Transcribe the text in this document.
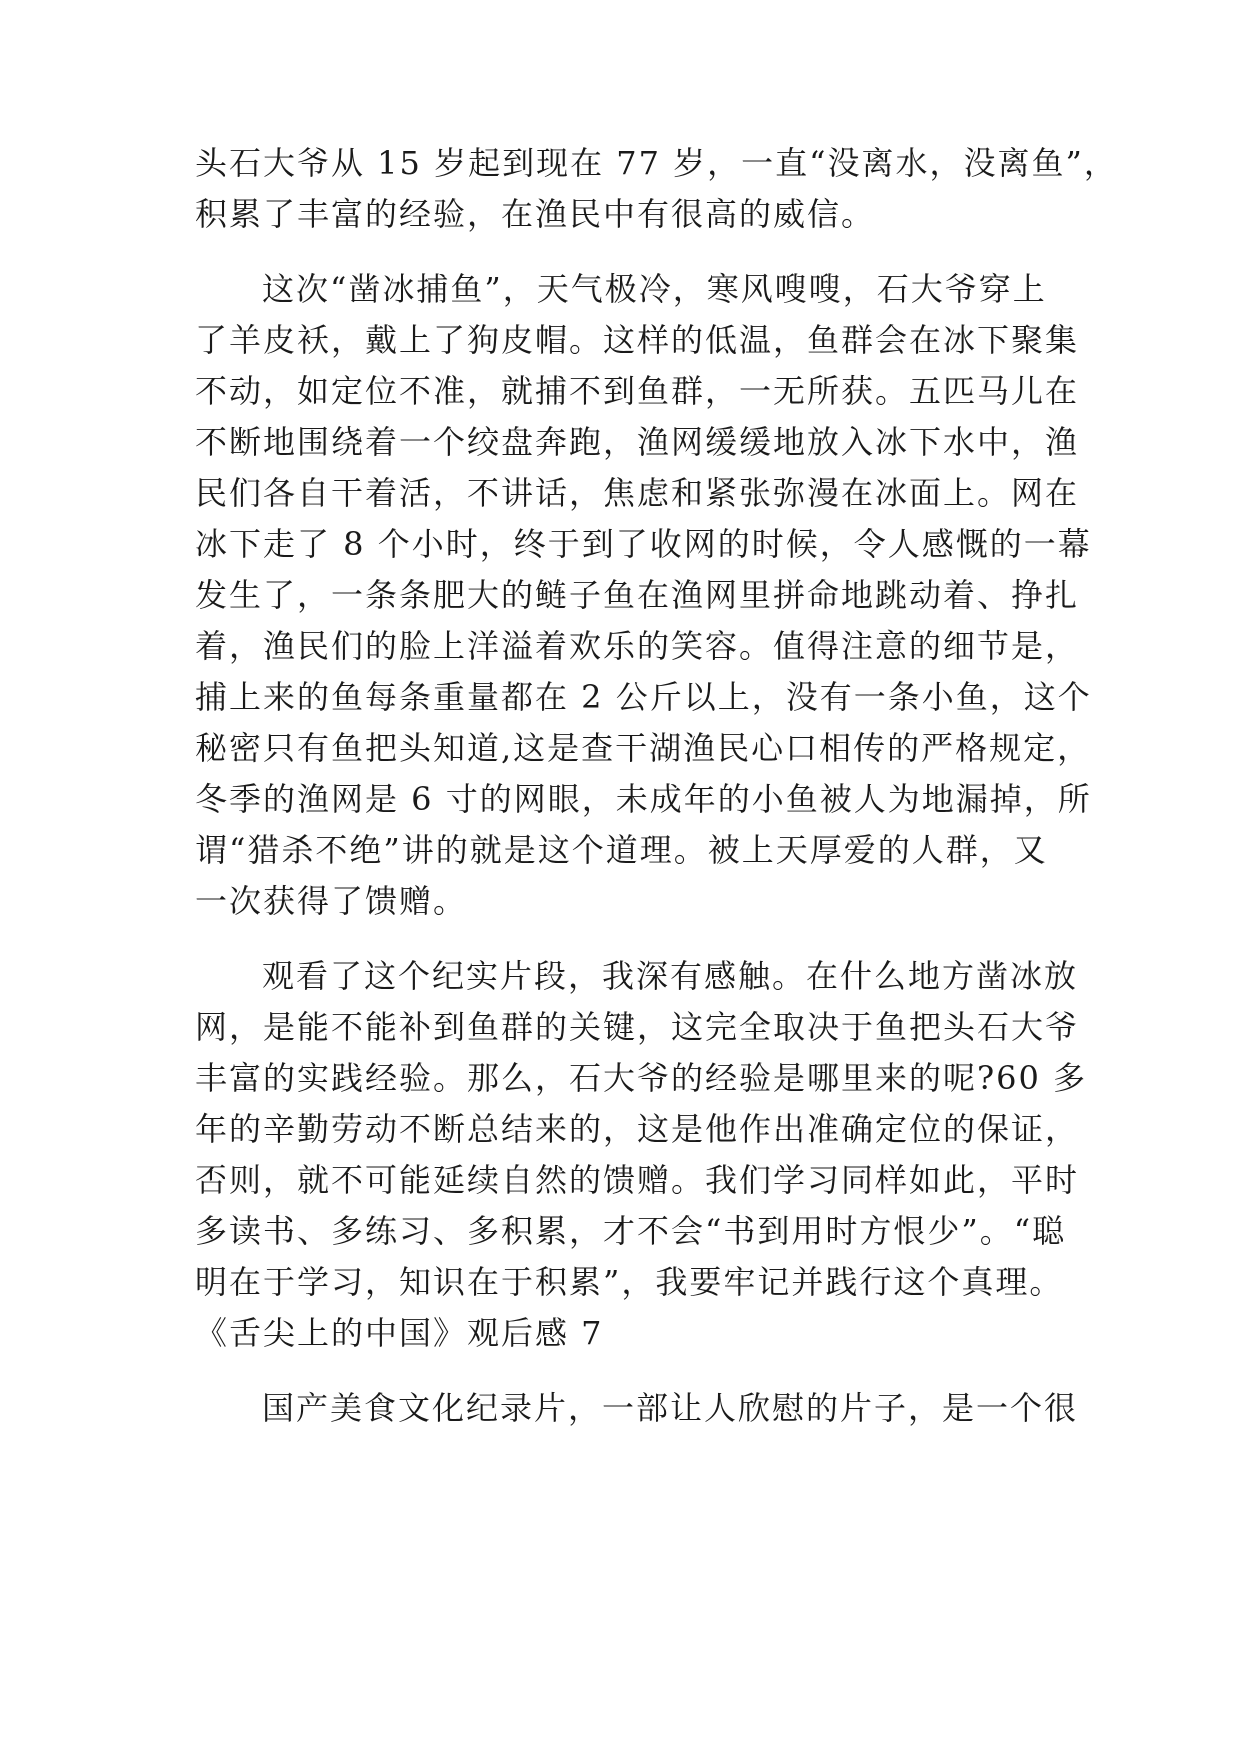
头石大爷从 15 岁起到现在 77 岁，一直“没离水，没离鱼”，
积累了丰富的经验，在渔民中有很高的威信。
这次“凿冰捕鱼”，天气极冷，寒风嗖嗖，石大爷穿上
了羊皮袄，戴上了狗皮帽。这样的低温，鱼群会在冰下聚集
不动，如定位不准，就捕不到鱼群，一无所获。五匹马儿在
不断地围绕着一个绞盘奔跑，渔网缓缓地放入冰下水中，渔
民们各自干着活，不讲话，焦虑和紧张弥漫在冰面上。网在
冰下走了 8 个小时，终于到了收网的时候，令人感慨的一幕
发生了，一条条肥大的鲢子鱼在渔网里拼命地跳动着、挣扎
着，渔民们的脸上洋溢着欢乐的笑容。值得注意的细节是，
捕上来的鱼每条重量都在 2 公斤以上，没有一条小鱼，这个
秘密只有鱼把头知道,这是查干湖渔民心口相传的严格规定，
冬季的渔网是 6 寸的网眼，未成年的小鱼被人为地漏掉，所
谓“猎杀不绝”讲的就是这个道理。被上天厚爱的人群，又
一次获得了馈赠。
观看了这个纪实片段，我深有感触。在什么地方凿冰放
网，是能不能补到鱼群的关键，这完全取决于鱼把头石大爷
丰富的实践经验。那么，石大爷的经验是哪里来的呢?60 多
年的辛勤劳动不断总结来的，这是他作出准确定位的保证，
否则，就不可能延续自然的馈赠。我们学习同样如此，平时
多读书、多练习、多积累，才不会“书到用时方恨少”。“聪
明在于学习，知识在于积累”，我要牢记并践行这个真理。
《舌尖上的中国》观后感 7
国产美食文化纪录片，一部让人欣慰的片子，是一个很
